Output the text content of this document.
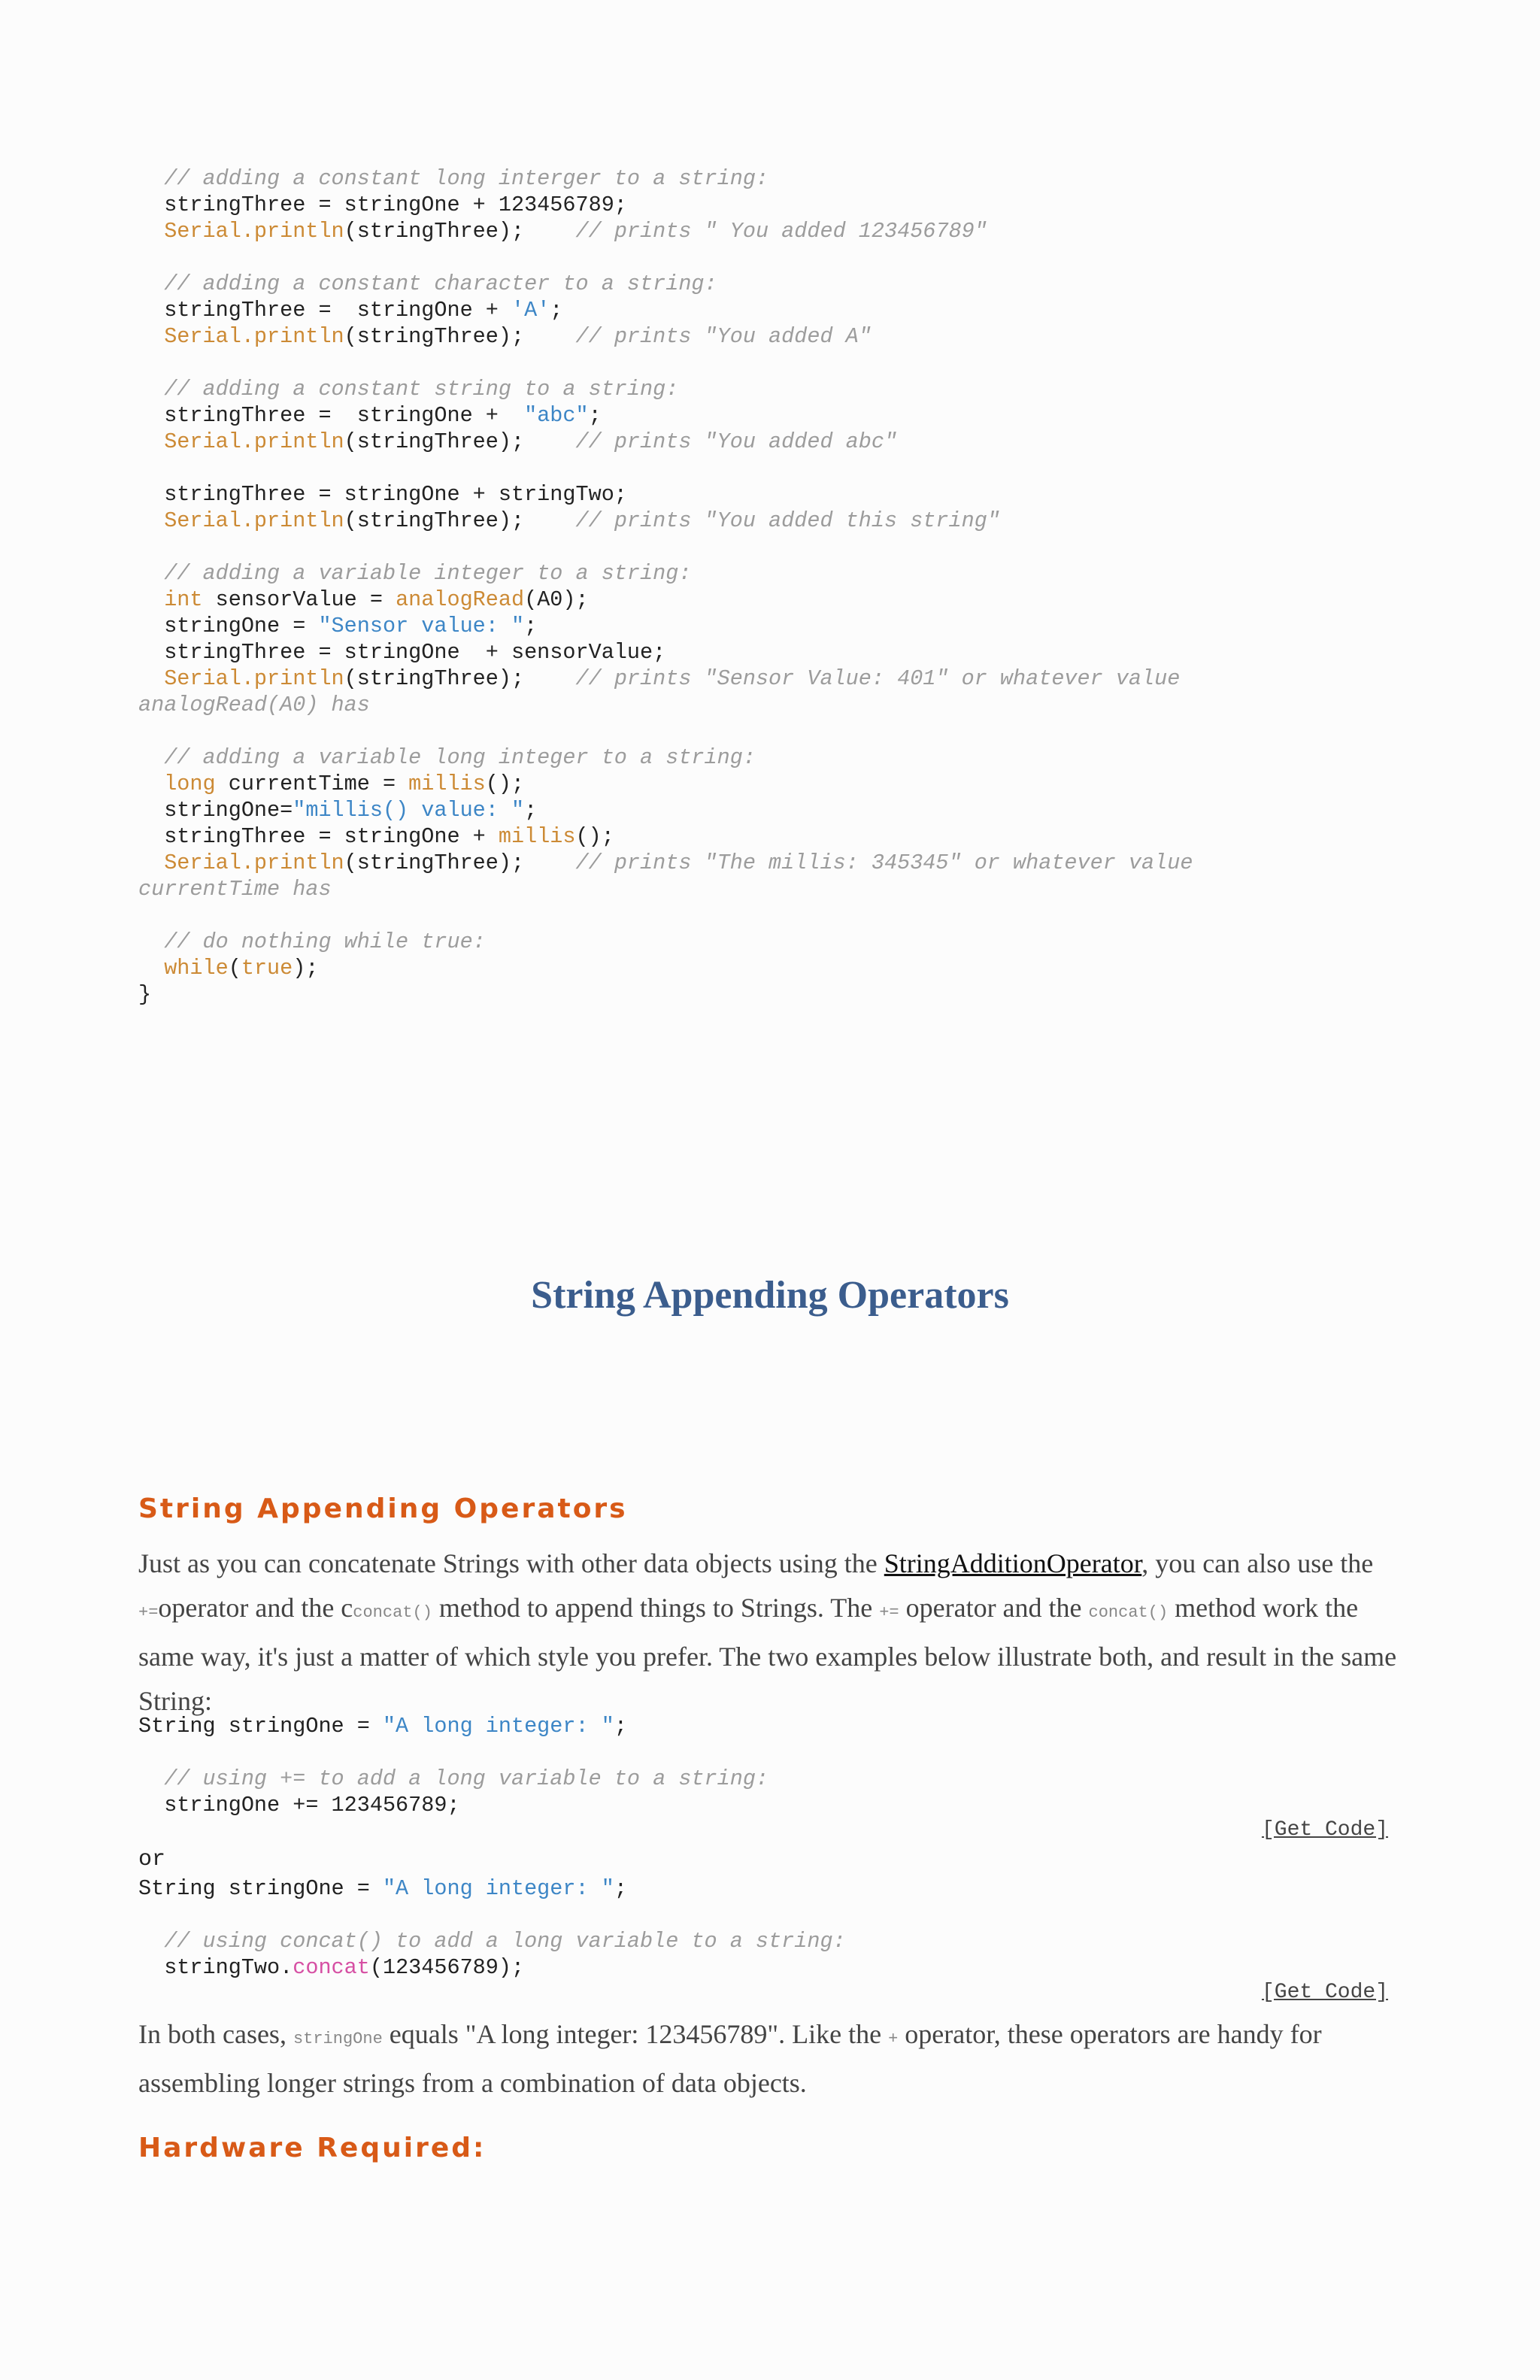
// adding a constant long interger to a string:
stringThree = stringOne + 123456789;
Serial.println(stringThree);    // prints " You added 123456789"

// adding a constant character to a string:
stringThree =  stringOne + 'A';
Serial.println(stringThree);    // prints "You added A"

// adding a constant string to a string:
stringThree =  stringOne +  "abc";
Serial.println(stringThree);    // prints "You added abc"

stringThree = stringOne + stringTwo;
Serial.println(stringThree);    // prints "You added this string"

// adding a variable integer to a string:
int sensorValue = analogRead(A0);
stringOne = "Sensor value: ";
stringThree = stringOne  + sensorValue;
Serial.println(stringThree);    // prints "Sensor Value: 401" or whatever value

analogRead(A0) has
// adding a variable long integer to a string:
long currentTime = millis();
stringOne="millis() value: ";
stringThree = stringOne + millis();
Serial.println(stringThree);    // prints "The millis: 345345" or whatever value
currentTime has

// do nothing while true:
while(true);
}
String Appending Operators
String Appending Operators
Just as you can concatenate Strings with other data objects using the StringAdditionOperator, you can also use the +=operator and the cconcat() method to append things to Strings. The += operator and the concat() method work the same way, it's just a matter of which style you prefer. The two examples below illustrate both, and result in the same String:
String stringOne = "A long integer: ";

// using += to add a long variable to a string:
stringOne += 123456789;
[Get Code]
or
String stringOne = "A long integer: ";

// using concat() to add a long variable to a string:
stringTwo.concat(123456789);
[Get Code]
In both cases, stringOne equals "A long integer: 123456789". Like the + operator, these operators are handy for assembling longer strings from a combination of data objects.
Hardware Required:
